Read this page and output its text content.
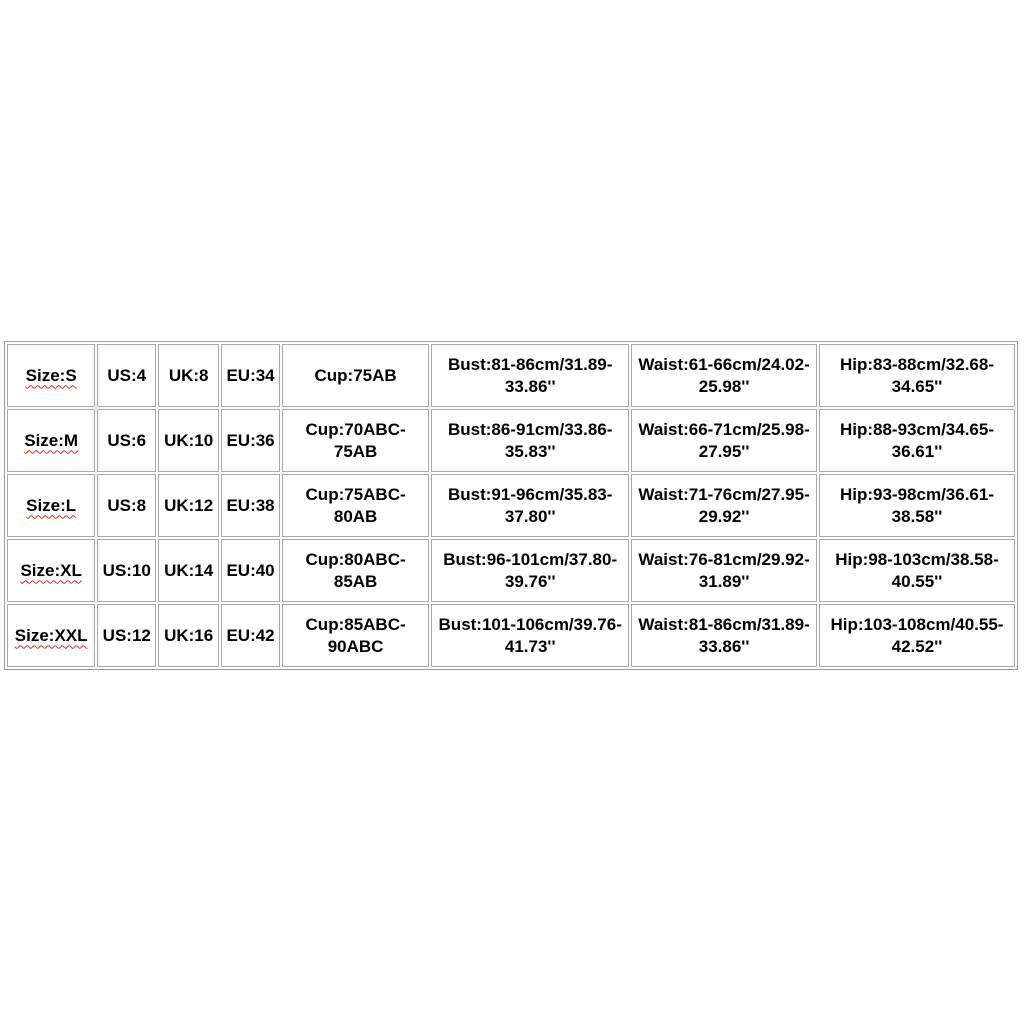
Size:S	US:4	UK:8	EU:34	Cup:75AB	Bust:81-86cm/31.89-33.86''	Waist:61-66cm/24.02-25.98''	Hip:83-88cm/32.68-34.65''
Size:M	US:6	UK:10	EU:36	Cup:70ABC-75AB	Bust:86-91cm/33.86-35.83''	Waist:66-71cm/25.98-27.95''	Hip:88-93cm/34.65-36.61''
Size:L	US:8	UK:12	EU:38	Cup:75ABC-80AB	Bust:91-96cm/35.83-37.80''	Waist:71-76cm/27.95-29.92''	Hip:93-98cm/36.61-38.58''
Size:XL	US:10	UK:14	EU:40	Cup:80ABC-85AB	Bust:96-101cm/37.80-39.76''	Waist:76-81cm/29.92-31.89''	Hip:98-103cm/38.58-40.55''
Size:XXL	US:12	UK:16	EU:42	Cup:85ABC-90ABC	Bust:101-106cm/39.76-41.73''	Waist:81-86cm/31.89-33.86''	Hip:103-108cm/40.55-42.52''
